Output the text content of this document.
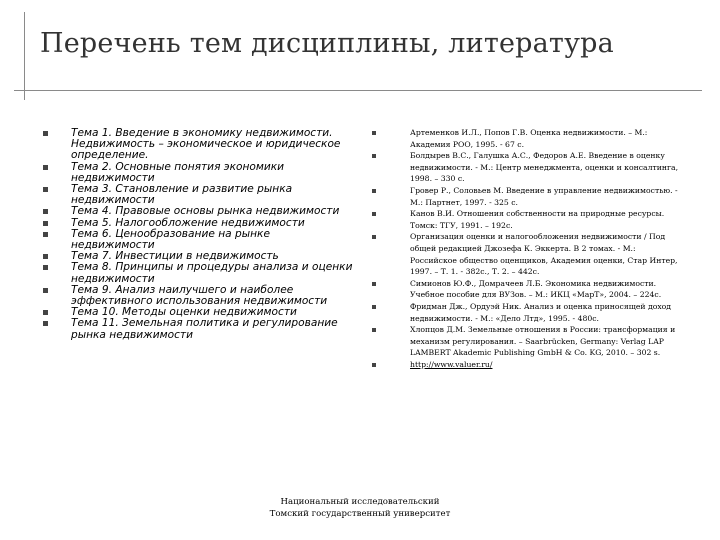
Перечень тем дисциплины, литература
Тема 1. Введение в экономику недвижимости. Недвижимость – экономическое и юридическое определение.
Тема 2. Основные понятия экономики недвижимости
Тема 3. Становление и развитие рынка недвижимости
Тема 4. Правовые основы рынка недвижимости
Тема 5. Налогообложение недвижимости
Тема 6. Ценообразование на рынке недвижимости
Тема 7. Инвестиции в недвижимость
Тема 8. Принципы и процедуры анализа и оценки недвижимости
Тема 9. Анализ наилучшего и наиболее эффективного использования недвижимости
Тема 10. Методы оценки недвижимости
Тема 11. Земельная политика и регулирование рынка недвижимости
Артеменков И.Л., Попов Г.В. Оценка недвижимости. – М.: Академия РОО, 1995. - 67 с.
Болдырев В.С., Галушка А.С., Федоров А.Е. Введение в оценку недвижимости. - М.: Центр менеджмента, оценки и консалтинга, 1998. – 330 с.
Гровер Р., Соловьев М. Введение в управление недвижимостью. - М.: Партнет, 1997. - 325 с.
Канов В.И. Отношения собственности на природные ресурсы. Томск: ТГУ, 1991. – 192с.
Организация оценки и налогообложения недвижимости / Под общей редакцией Джозефа К. Эккерта. В 2 томах. - М.: Российское общество оценщиков, Академия оценки, Стар Интер, 1997. – Т. 1. - 382с., Т. 2. – 442с.
Симионов Ю.Ф., Домрачеев Л.Б. Экономика недвижимости. Учебное пособие для ВУЗов. – М.: ИКЦ «МарТ», 2004. – 224с.
Фридман Дж., Ордуэй Ник. Анализ и оценка приносящей доход недвижимости. - М.: «Дело Лтд», 1995. - 480с.
Хлопцов Д.М. Земельные отношения в России: трансформация и механизм регулирования. – Saarbrücken, Germany: Verlag LAP LAMBERT Akademic Publishing GmbH & Co. KG, 2010. – 302 s.
http://www.valuer.ru/
Национальный исследовательский
Томский государственный университет
